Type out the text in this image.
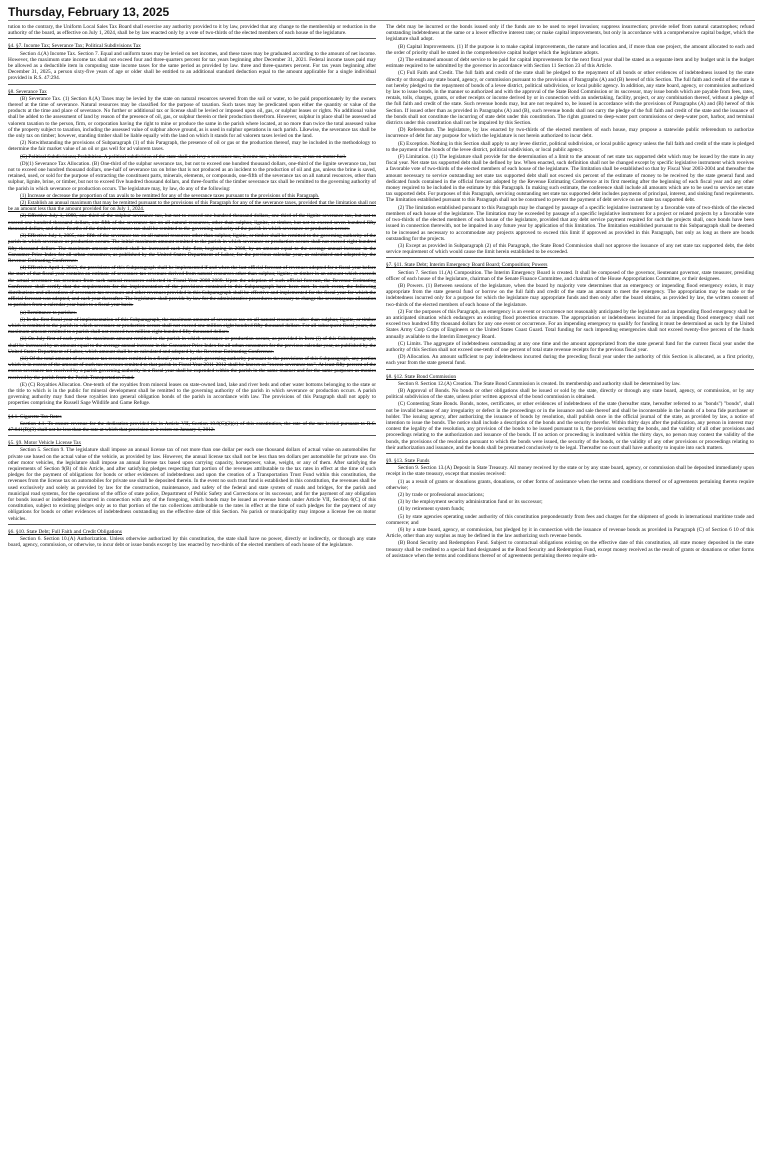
Thursday, February 13, 2025

tution to the contrary, the Uniform Local Sales Tax Board shall exercise any authority provided to it by law, provided that any change to the membership or reduction in the authority of the board, as effective on July 1, 2024, shall be by law enacted only by a vote of two-thirds of the elected members of each house of the legislature.

§4. §7. Income Tax; Severance Tax; Political Subdivisions Tax

Section 4.(A) Income Tax. Section 7. Equal and uniform taxes may be levied on net incomes, and these taxes may be graduated according to the amount of net income. However, the maximum state income tax shall not exceed four and three-quarters percent for tax years beginning after December 31, 2021. Federal income taxes paid may be allowed as a deductible item in computing state income taxes for the same period as provided by law. three and three-quarters percent. For tax years beginning after December 31, 2025, a person sixty-five years of age or older shall be entitled to an additional standard deduction equal to the amount applicable for a single individual provided in R.S. 47:294.

§8. Severance Tax

(B) Severance Tax. (1) Section 8.(A) Taxes may be levied by the state on natural resources severed from the soil or water, to be paid proportionately by the owners thereof at the time of severance. Natural resources may be classified for the purpose of taxation. Such taxes may be predicated upon either the quantity or value of the products at the time and place of severance. No further or additional tax or license shall be levied or imposed upon oil, gas, or sulphur leases or rights. No additional value shall be added to the assessment of land by reason of the presence of oil, gas, or sulphur therein or their production therefrom. However, sulphur in place shall be assessed ad valorem taxation to the person, firm, or corporation having the right to mine or produce the same in the parish where located, at no more than twice the total assessed value of the property subject to taxation, including the assessed value of sulphur above ground, as is used in sulphur operations in such parish. Likewise, the severance tax shall be the only tax on timber; however, standing timber shall be liable equally with the land on which it stands for ad valorem taxes levied on the land.

(2) Notwithstanding the provisions of Subparagraph (1) of this Paragraph, the presence of oil or gas or the production thereof, may be included in the methodology to determine the fair market value of an oil or gas well for ad valorem taxes.

(C) Political Subdivisions; Prohibition. A political subdivision of the state shall not levy a severance tax, income tax, inheritance tax, or tax on motor fuel.

(D)(1) Severance Tax Allocation. (B) One-third of the sulphur severance tax, but not to exceed one hundred thousand dollars, one-third of the lignite severance tax, but not to exceed one hundred thousand dollars, one-half of severance tax on brine that is not produced as an incident to the production of oil and gas, unless the brine is saved, retained, used, or sold for the purpose of extracting the constituent parts, minerals, elements, or compounds, one-fifth of the severance tax on all natural resources, other than sulphur, lignite, brine, or timber, but not to exceed five hundred thousand dollars, and three-fourths of the timber severance tax shall be remitted to the governing authority of the parish in which severance or production occurs. The legislature may, by law, do any of the following:

(1) Increase or decrease the proportion of tax avails to be remitted for any of the severance taxes pursuant to the provisions of this Paragraph.

(2) Establish an annual maximum that may be remitted pursuant to the provisions of this Paragraph for any of the severance taxes, provided that the limitation shall not be an amount less than the amount provided for on July 1, 2024.

(2) Effective July 1, 1999, one-third of the sulphur severance tax, but not to exceed one hundred thousand dollars, one-third of the lignite severance tax, but not to exceed one hundred thousand dollars, one-fifth of the severance tax on all natural resources, other than sulphur, lignite, or timber, but not to exceed seven hundred fifty thousand dollars, and three-fourths of the timber severance tax shall be remitted to the governing authority of the parish in which severance or production occurs.

(3) Effective July 1, 2005, one-fifth of the severance tax on all natural resources other than sulphur, lignite, or timber shall be remitted to the governing authority of the parish in which severance or production occurs. The initial maximum amount remitted to the parish in which severance or production occurs shall not exceed eight hundred fifty thousand dollars. The maximum amount remitted shall be increased each July first, beginning in 2008, by an amount equal to the average annual increase in the Consumer Price Index for all urban consumers, as published by the United States Department of Labor, for the previous calendar year, as calculated and adopted by the Revenue Estimating Conference.

(4) Effective April 1, 2012, the provisions of this Subparagraph shall be implemented if and when the last official forecast of revenues adopted for a fiscal year before the start of that fiscal year contains an estimate of severance tax revenues derived from natural resources other than sulphur, lignite, or timber in an amount which exceeds the actual severance tax revenues from such natural resources collected in Fiscal Year 2008-2009. Upon the adoption of such official forecast, the Revenue Estimating Conference shall certify that the requirements for the implementation of the provisions contained in this Subparagraph have been met. In such event, the following distributions and allocations of severance tax revenues and other revenues provided in this Subparagraph shall be effective and implemented for the fiscal year for which the official forecast was adopted, and each year thereafter. The legislature shall provide by law for the administrative procedures necessary to change the severance tax allocation to parishes from a calendar year basis to a fiscal year basis.

(a) Remittance to parishes.

(i) In the first fiscal year of implementation of this Subparagraph, the maximum amount of severance tax on all natural resources other than sulphur, lignite, or timber which is remitted to the parish in which severance or production occurs shall not exceed one million eight hundred fifty thousand dollars. For all subsequent fiscal years, the maximum amount remitted to a parish shall not exceed two million eight hundred fifty thousand dollars.

(ii) On July first of each year the maximum amount remitted to the parish in which severance or production occurs, as provided in Item (i) of this Subsubparagraph, shall be increased by an amount equal to the average annual increase in the Consumer Price Index for all urban consumers for the previous calendar year, as published by the United States Department of Labor, which amount shall be as calculated and adopted by the Revenue Estimating Conference.

(iii) Of the total amount of severance tax revenues remitted in a fiscal year to a parish governing authority pursuant to the provisions of this Subparagraph, any portion which is in excess of the amount of such tax revenues remitted to that parish in Fiscal Year 2011-2012 shall be known as "excess severance tax". At least fifty percent of the excess severance tax received by a parish governing authority in a fiscal year shall be expended within the parish in the same manner and for the same purposes as monies received by the parish from the Parish Transportation Fund.

(E) (C) Royalties Allocation. One-tenth of the royalties from mineral leases on state-owned land, lake and river beds and other water bottoms belonging to the state or the title to which is in the public for mineral development shall be remitted to the governing authority of the parish in which severance or production occurs. A parish governing authority may fund these royalties into general obligation bonds of the parish in accordance with law. The provisions of this Paragraph shall not apply to properties comprising the Russell Sage Wildlife and Game Refuge.

§4.1. Cigarette Tax Rates

Section 4.1. To ensure revenue for the dedication provided for in Article VII, Section 10.8(C)(2)(c) of this constitution, the rate of the tax levied pursuant to R.S. 47:841(B)(3) shall not be less than the rate at which that provision as it exists on January 1, 2012.

§5. §9. Motor Vehicle License Tax

Section 5. Section 9. The legislature shall impose an annual license tax of not more than one dollar per each one thousand dollars of actual value on automobiles for private use based on the actual value of the vehicle, as provided by law. However, the annual license tax shall not be less than ten dollars per automobile for private use. On other motor vehicles, the legislature shall impose an annual license tax based upon carrying capacity, horsepower, value, weight, or any of them. After satisfying the requirements of Section 9(B) of this Article, and after satisfying pledges respecting that portion of the revenues attributable to the tax rates in effect at the time of such pledges for the payment of obligations for bonds or other evidences of indebtedness and upon the creation of a Transportation Trust Fund within this constitution, the revenues from the license tax on automobiles for private use shall be deposited therein. In the event no such trust fund is established in this constitution, the revenues shall be used exclusively and solely as provided by law for the construction, maintenance, and safety of the federal and state system of roads and bridges, for the parish and municipal road systems, for the operations of the office of state police, Department of Public Safety and Corrections or its successor, and for the payment of any obligation for bonds issued or indebtedness incurred in connection with any of the foregoing, which bonds may be issued as revenue bonds under Article VII, Section 6(C) of this constitution, subject to existing pledges only as to that portion of the tax collections attributable to the rates in effect at the time of such pledges for the payment of any obligations for bonds or other evidences of indebtedness outstanding on the effective date of this Section. No parish or municipality may impose a license fee on motor vehicles.

§6. §10. State Debt; Full Faith and Credit Obligations

Section 6. Section 10.(A) Authorization. Unless otherwise authorized by this constitution, the state shall have no power, directly or indirectly, or through any state board, agency, commission, or otherwise, to incur debt or issue bonds except by law enacted by two-thirds of the elected members of each house of the legislature.

The debt may be incurred or the bonds issued only if the funds are to be used to repel invasion; suppress insurrection; provide relief from natural catastrophes; refund outstanding indebtedness at the same or a lower effective interest rate; or make capital improvements, but only in accordance with a comprehensive capital budget, which the legislature shall adopt.

(B) Capital Improvements. (1) If the purpose is to make capital improvements, the nature and location and, if more than one project, the amount allocated to each and the order of priority shall be stated in the comprehensive capital budget which the legislature adopts.

(2) The estimated amount of debt service to be paid for capital improvements for the next fiscal year shall be stated as a separate item and by budget unit in the budget estimate required to be submitted by the governor in accordance with Section 11 Section 23 of this Article.

(C) Full Faith and Credit. The full faith and credit of the state shall be pledged to the repayment of all bonds or other evidences of indebtedness issued by the state directly or through any state board, agency, or commission pursuant to the provisions of Paragraphs (A) and (B) hereof of this Section. The full faith and credit of the state is not hereby pledged to the repayment of bonds of a levee district, political subdivision, or local public agency. In addition, any state board, agency, or commission authorized by law to issue bonds, in the manner so authorized and with the approval of the State Bond Commission or its successor, may issue bonds which are payable from fees, rates, rentals, tolls, charges, grants, or other receipts or income derived by or in connection with an undertaking, facility, project, or any combination thereof, without a pledge of the full faith and credit of the state. Such revenue bonds may, but are not required to, be issued in accordance with the provisions of Paragraphs (A) and (B) hereof of this Section. If issued other than as provided in Paragraphs (A) and (B), such revenue bonds shall not carry the pledge of the full faith and credit of the state and the issuance of the bonds shall not constitute the incurring of state debt under this constitution. The rights granted to deep-water port commissions or deep-water port, harbor, and terminal districts under this constitution shall not be impaired by this Section.

(D) Referendum. The legislature, by law enacted by two-thirds of the elected members of each house, may propose a statewide public referendum to authorize incurrence of debt for any purpose for which the legislature is not herein authorized to incur debt.

(E) Exception. Nothing in this Section shall apply to any levee district, political subdivision, or local public agency unless the full faith and credit of the state is pledged to the payment of the bonds of the levee district, political subdivision, or local public agency.

(F) Limitation. (1) The legislature shall provide for the determination of a limit to the amount of net state tax supported debt which may be issued by the state in any fiscal year. Net state tax supported debt shall be defined by law. When enacted, such definition shall not be changed except by specific legislative instrument which receives a favorable vote of two-thirds of the elected members of each house of the legislature. The limitation shall be established so that by Fiscal Year 2003-2004 and thereafter the amount necessary to service outstanding net state tax supported debt shall not exceed six percent of the estimate of money to be received by the state general fund and dedicated funds contained in the official forecast adopted by the Revenue Estimating Conference at its first meeting after the beginning of each fiscal year and any other money required to be included in the estimate by this Paragraph. In making such estimate, the conference shall include all amounts which are to be used to service net state tax supported debt. For purposes of this Paragraph, servicing outstanding net state tax supported debt includes payments of principal, interest, and sinking fund requirements. The limitation established pursuant to this Paragraph shall not be construed to prevent the payment of debt service on net state tax supported debt.

(2) The limitation established pursuant to this Paragraph may be changed by passage of a specific legislative instrument by a favorable vote of two-thirds of the elected members of each house of the legislature. The limitation may be exceeded by passage of a specific legislative instrument for a project or related projects by a favorable vote of two-thirds of the elected members of each house of the legislature, provided that any debt service payment required for such the projects shall, once bonds have been issued in connection therewith, not be impaired in any future year by application of this limitation. The limitation established pursuant to this Subparagraph shall be deemed to be increased as necessary to accommodate any projects approved to exceed this limit if approved as provided in this Paragraph, but only as long as there are bonds outstanding for the projects.

(3) Except as provided in Subparagraph (2) of this Paragraph, the State Bond Commission shall not approve the issuance of any net state tax supported debt, the debt service requirement of which would cause the limit herein established to be exceeded.

§7. §11. State Debt; Interim Emergency Board Board; Composition; Powers

Section 7. Section 11.(A) Composition. The Interim Emergency Board is created. It shall be composed of the governor, lieutenant governor, state treasurer, presiding officer of each house of the legislature, chairman of the Senate Finance Committee, and chairman of the House Appropriations Committee, or their designees.

(B) Powers. (1) Between sessions of the legislature, when the board by majority vote determines that an emergency or impending flood emergency exists, it may appropriate from the state general fund or borrow on the full faith and credit of the state an amount to meet the emergency. The appropriation may be made or the indebtedness incurred only for a purpose for which the legislature may appropriate funds and then only after the board obtains, as provided by law, the written consent of two-thirds of the elected members of each house of the legislature.

(2) For the purposes of this Paragraph, an emergency is an event or occurrence not reasonably anticipated by the legislature and an impending flood emergency shall be an anticipated situation which endangers an existing flood protection structure. The appropriation or indebtedness incurred for an impending flood emergency shall not exceed two hundred fifty thousand dollars for any one event or occurrence. For an impending emergency to qualify for funding it must be determined as such by the United States Army Corp Corps of Engineers or the United States Coast Guard. Total funding for such impending emergencies shall not exceed twenty-five percent of the funds annually available to the Interim Emergency Board.

(C) Limits. The aggregate of indebtedness outstanding at any one time and the amount appropriated from the state general fund for the current fiscal year under the authority of this Section shall not exceed one-tenth of one percent of total state revenue receipts for the previous fiscal year.

(D) Allocation. An amount sufficient to pay indebtedness incurred during the preceding fiscal year under the authority of this Section is allocated, as a first priority, each year from the state general fund.

§8. §12. State Bond Commission

Section 8. Section 12.(A) Creation. The State Bond Commission is created. Its membership and authority shall be determined by law.

(B) Approval of Bonds. No bonds or other obligations shall be issued or sold by the state, directly or through any state board, agency, or commission, or by any political subdivision of the state, unless prior written approval of the bond commission is obtained.

(C) Contesting State Bonds. Bonds, notes, certificates, or other evidences of indebtedness of the state (hereafter state, hereafter referred to as "bonds") "bonds", shall not be invalid because of any irregularity or defect in the proceedings or in the issuance and sale thereof and shall be incontestable in the hands of a bona fide purchaser or holder. The issuing agency, after authorizing the issuance of bonds by resolution, shall publish once in the official journal of the state, as provided by law, a notice of intention to issue the bonds. The notice shall include a description of the bonds and the security therefor. Within thirty days after the publication, any person in interest may contest the legality of the resolution, any provision of the bonds to be issued pursuant to it, the provisions securing the bonds, and the validity of all other provisions and proceedings relating to the authorization and issuance of the bonds. If no action or proceeding is instituted within the thirty days, no person may contest the validity of the bonds, the provisions of the resolution pursuant to which the bonds were issued, the security of the bonds, or the validity of any other provisions or proceedings relating to their authorization and issuance, and the bonds shall be presumed conclusively to be legal. Thereafter no court shall have authority to inquire into such matters.

§9. §13. State Funds

Section 9. Section 13.(A) Deposit in State Treasury. All money received by the state or by any state board, agency, or commission shall be deposited immediately upon receipt in the state treasury, except that monies received:

(1) as a result of grants or donations grants, donations, or other forms of assistance when the terms and conditions thereof or of agreements pertaining thereto require otherwise;

(2) by trade or professional associations;

(3) by the employment security administration fund or its successor;

(4) by retirement system funds;

(5) by state agencies operating under authority of this constitution preponderantly from fees and charges for the shipment of goods in international maritime trade and commerce; and

(6) by a state board, agency, or commission, but pledged by it in connection with the issuance of revenue bonds as provided in Paragraph (C) of Section 6 10 of this Article, other than any surplus as may be defined in the law authorizing such revenue bonds.

(B) Bond Security and Redemption Fund. Subject to contractual obligations existing on the effective date of this constitution, all state money deposited in the state treasury shall be credited to a special fund designated as the Bond Security and Redemption Fund, except money received as the result of grants or donations or other forms of assistance when the terms and conditions thereof or of agreements pertaining thereto require oth-
